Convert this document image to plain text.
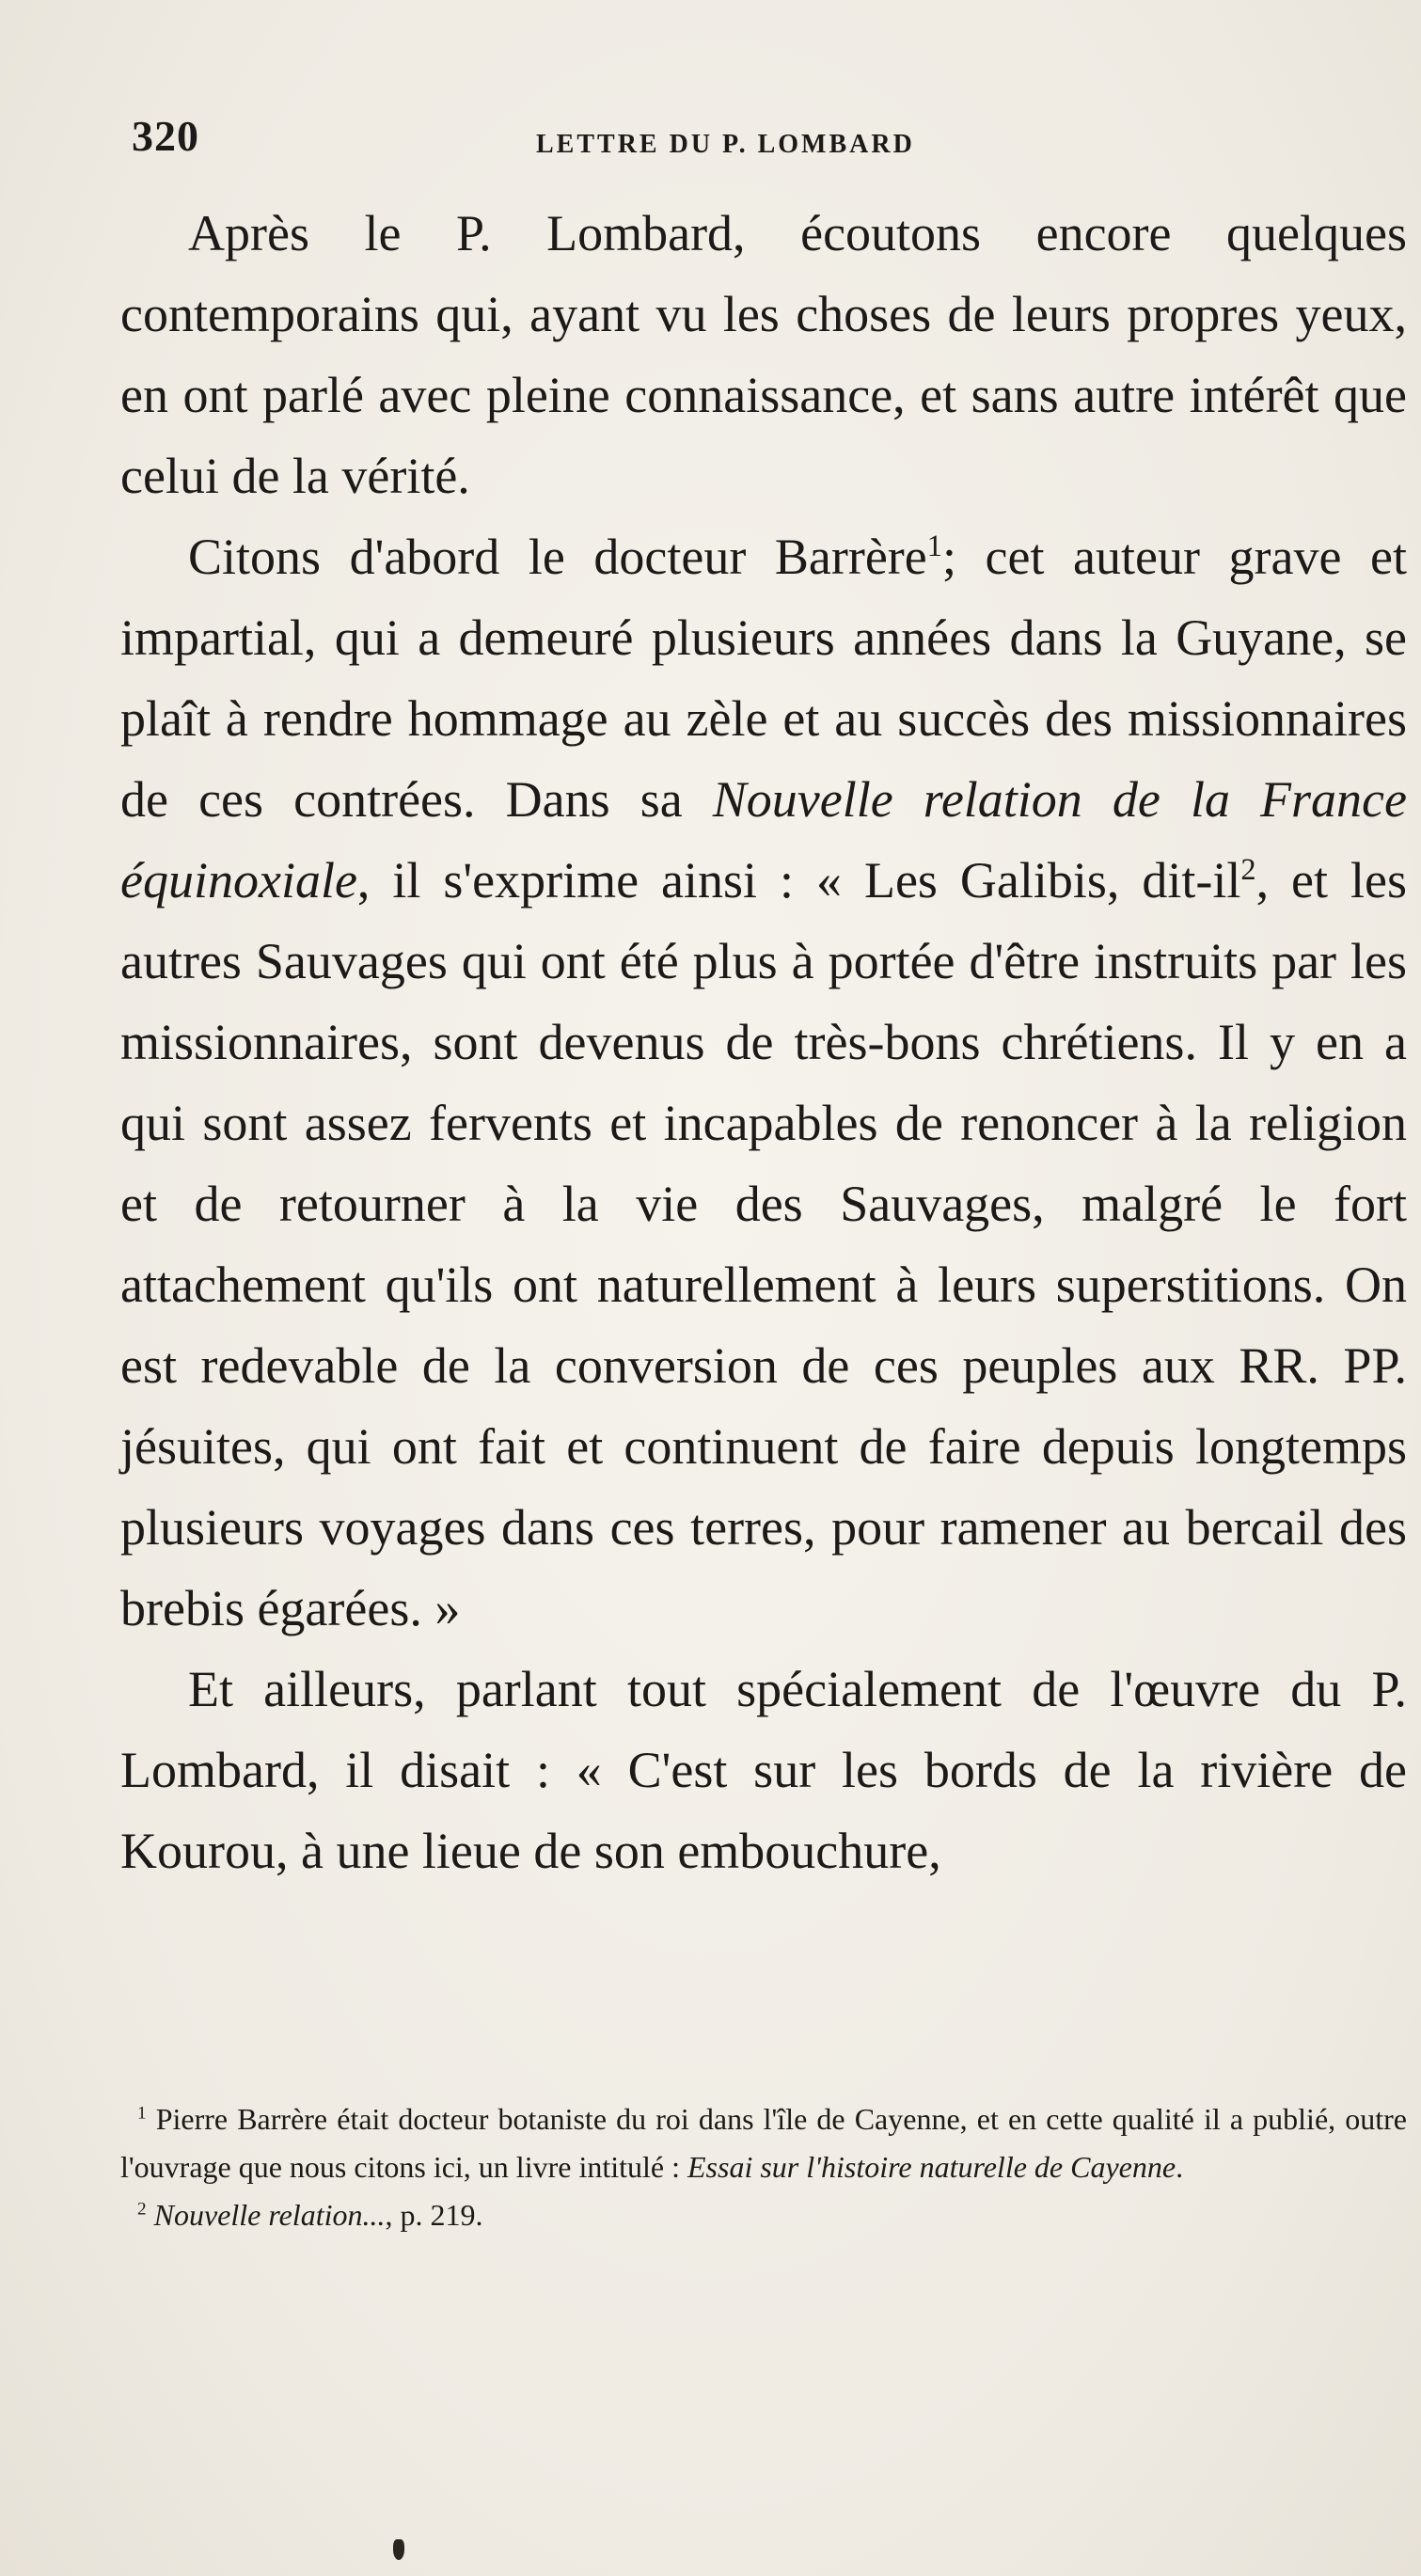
320	LETTRE DU P. LOMBARD

Après le P. Lombard, écoutons encore quelques contemporains qui, ayant vu les choses de leurs propres yeux, en ont parlé avec pleine connaissance, et sans autre intérêt que celui de la vérité.

Citons d'abord le docteur Barrère$^1$; cet auteur grave et impartial, qui a demeuré plusieurs années dans la Guyane, se plaît à rendre hommage au zèle et au succès des missionnaires de ces contrées. Dans sa Nouvelle relation de la France équinoxiale, il s'exprime ainsi : « Les Galibis, dit-$il^2$, et les autres Sauvages qui ont été plus à portée d'être instruits par les missionnaires, sont devenus de très-bons chrétiens. Il y en a qui sont assez fervents et incapables de renoncer à la religion et de retourner à la vie des Sauvages, malgré le fort attachement qu'ils ont naturellement à leurs superstitions. On est redevable de la conversion de ces peuples aux RR. PP. jésuites, qui ont fait et continuent de faire depuis longtemps plusieurs voyages dans ces terres, pour ramener au bercail des brebis égarées. »

Et ailleurs, parlant tout spécialement de l'œuvre du P. Lombard, il disait : « C'est sur les bords de la rivière de Kourou, à une lieue de son embouchure,

$^1$ Pierre Barrère était docteur botaniste du roi dans l'île de Cayenne, et en cette qualité il a publié, outre l'ouvrage que nous citons ici, un livre intitulé : Essai sur l'histoire naturelle de Cayenne.

$^2$ Nouvelle relation..., p. 219.
